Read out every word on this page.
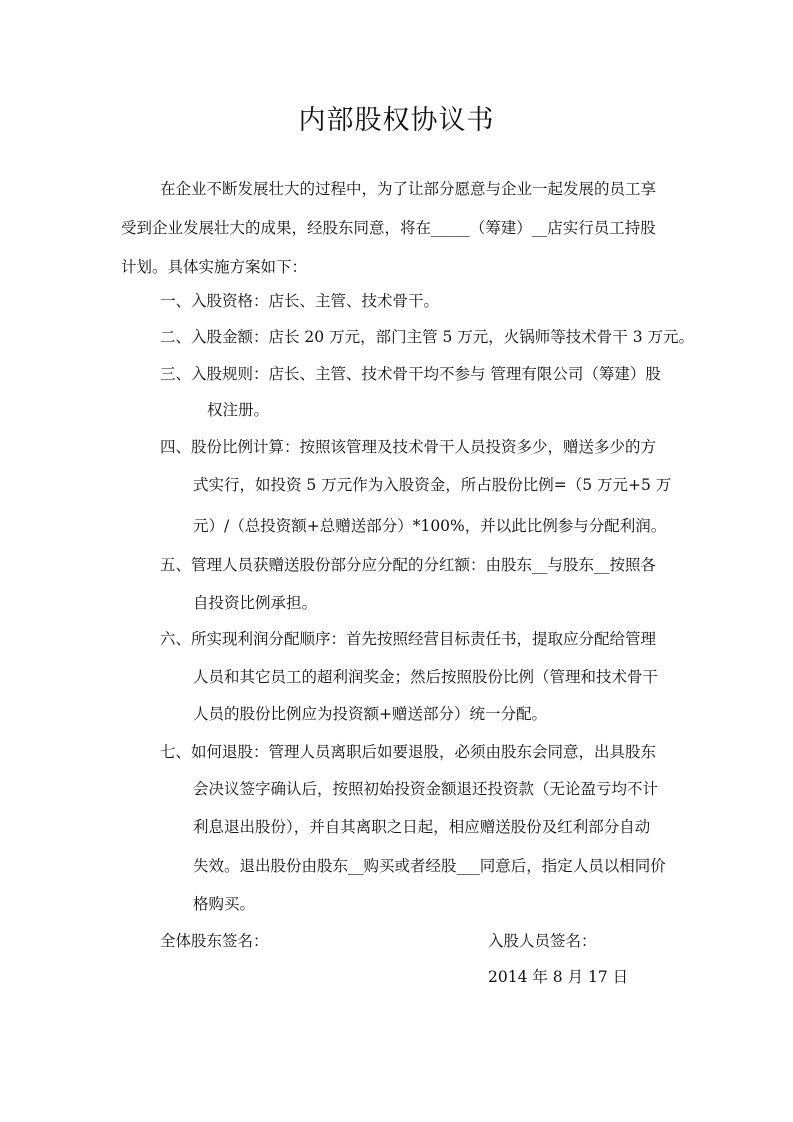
内部股权协议书
在企业不断发展壮大的过程中，为了让部分愿意与企业一起发展的员工享
受到企业发展壮大的成果，经股东同意，将在_____（筹建）__店实行员工持股
计划。具体实施方案如下：
一、入股资格：店长、主管、技术骨干。
二、入股金额：店长 20 万元，部门主管 5 万元，火锅师等技术骨干 3 万元。
三、入股规则：店长、主管、技术骨干均不参与 管理有限公司（筹建）股
权注册。
四、股份比例计算：按照该管理及技术骨干人员投资多少，赠送多少的方
式实行，如投资 5 万元作为入股资金，所占股份比例=（5 万元+5 万
元）/（总投资额+总赠送部分）*100%，并以此比例参与分配利润。
五、管理人员获赠送股份部分应分配的分红额：由股东__与股东__按照各
自投资比例承担。
六、所实现利润分配顺序：首先按照经营目标责任书，提取应分配给管理
人员和其它员工的超利润奖金；然后按照股份比例（管理和技术骨干
人员的股份比例应为投资额+赠送部分）统一分配。
七、如何退股：管理人员离职后如要退股，必须由股东会同意，出具股东
会决议签字确认后，按照初始投资金额退还投资款（无论盈亏均不计
利息退出股份），并自其离职之日起，相应赠送股份及红利部分自动
失效。退出股份由股东__购买或者经股___同意后，指定人员以相同价
格购买。
全体股东签名：	入股人员签名：
2014 年 8 月 17 日
